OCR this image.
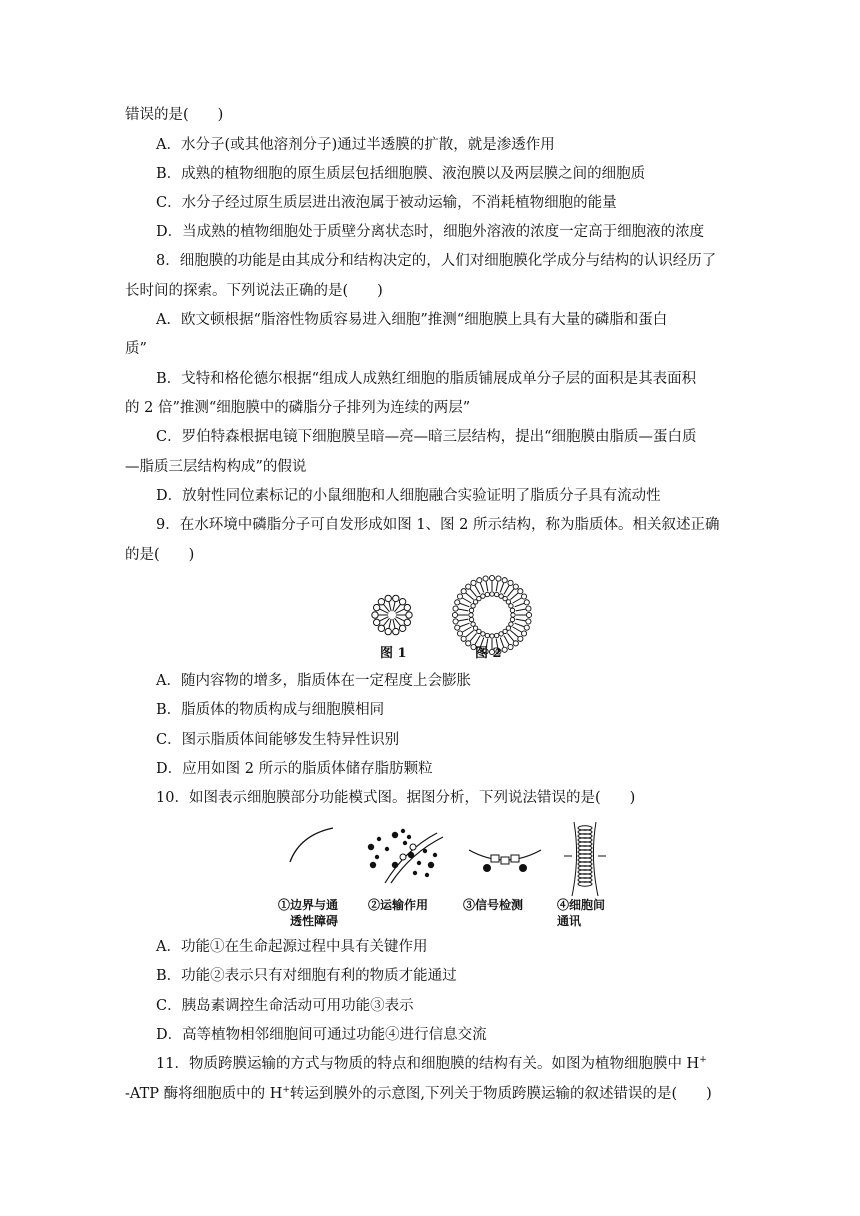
错误的是(　　)
A．水分子(或其他溶剂分子)通过半透膜的扩散，就是渗透作用
B．成熟的植物细胞的原生质层包括细胞膜、液泡膜以及两层膜之间的细胞质
C．水分子经过原生质层进出液泡属于被动运输，不消耗植物细胞的能量
D．当成熟的植物细胞处于质壁分离状态时，细胞外溶液的浓度一定高于细胞液的浓度
8．细胞膜的功能是由其成分和结构决定的，人们对细胞膜化学成分与结构的认识经历了
长时间的探索。下列说法正确的是(　　)
A．欧文顿根据“脂溶性物质容易进入细胞”推测“细胞膜上具有大量的磷脂和蛋白
质”
B．戈特和格伦德尔根据“组成人成熟红细胞的脂质铺展成单分子层的面积是其表面积
的 2 倍”推测“细胞膜中的磷脂分子排列为连续的两层”
C．罗伯特森根据电镜下细胞膜呈暗—亮—暗三层结构，提出“细胞膜由脂质—蛋白质
—脂质三层结构构成”的假说
D．放射性同位素标记的小鼠细胞和人细胞融合实验证明了脂质分子具有流动性
9．在水环境中磷脂分子可自发形成如图 1、图 2 所示结构，称为脂质体。相关叙述正确
的是(　　)
图 1	图 2
A．随内容物的增多，脂质体在一定程度上会膨胀
B．脂质体的物质构成与细胞膜相同
C．图示脂质体间能够发生特异性识别
D．应用如图 2 所示的脂质体储存脂肪颗粒
10．如图表示细胞膜部分功能模式图。据图分析，下列说法错误的是(　　)
①边界与通
透性障碍
②运输作用	③信号检测	④细胞间
通讯
A．功能①在生命起源过程中具有关键作用
B．功能②表示只有对细胞有利的物质才能通过
C．胰岛素调控生命活动可用功能③表示
D．高等植物相邻细胞间可通过功能④进行信息交流
11．物质跨膜运输的方式与物质的特点和细胞膜的结构有关。如图为植物细胞膜中 H+
-ATP 酶将细胞质中的 H+转运到膜外的示意图,下列关于物质跨膜运输的叙述错误的是(　　)
